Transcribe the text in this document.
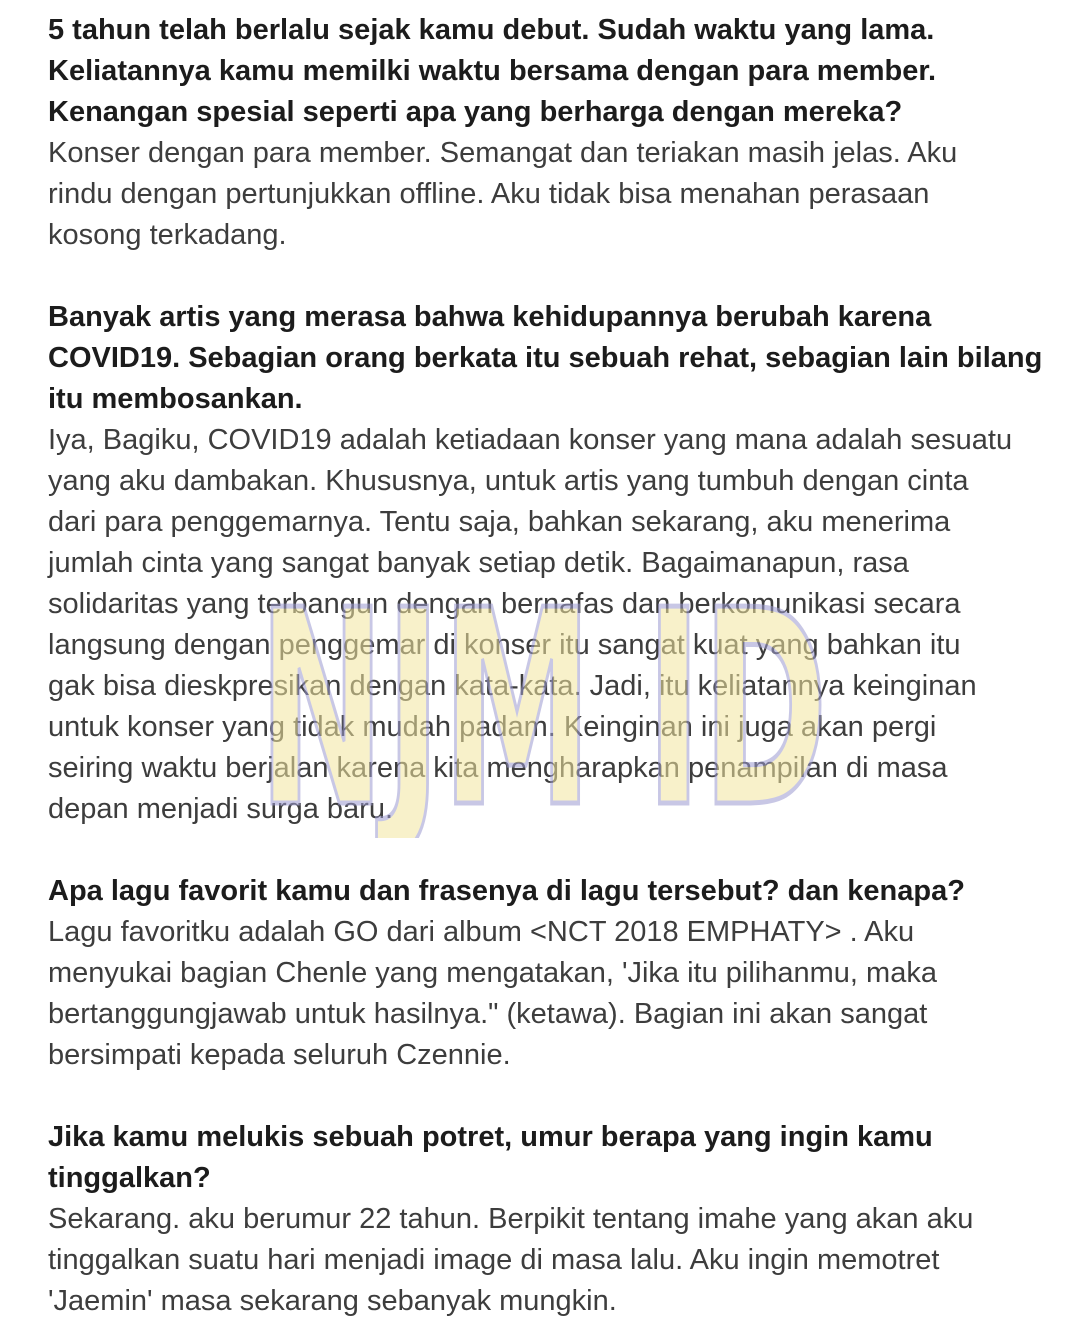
5 tahun telah berlalu sejak kamu debut. Sudah waktu yang lama.
Keliatannya kamu memilki waktu bersama dengan para member.
Kenangan spesial seperti apa yang berharga dengan mereka?
Konser dengan para member. Semangat dan teriakan masih jelas. Aku
rindu dengan pertunjukkan offline. Aku tidak bisa menahan perasaan
kosong terkadang.
Banyak artis yang merasa bahwa kehidupannya berubah karena
COVID19. Sebagian orang berkata itu sebuah rehat, sebagian lain bilang
itu membosankan.
Iya, Bagiku, COVID19 adalah ketiadaan konser yang mana adalah sesuatu
yang aku dambakan. Khususnya, untuk artis yang tumbuh dengan cinta
dari para penggemarnya. Tentu saja, bahkan sekarang, aku menerima
jumlah cinta yang sangat banyak setiap detik. Bagaimanapun, rasa
solidaritas yang terbangun dengan bernafas dan berkomunikasi secara
langsung dengan penggemar di konser itu sangat kuat yang bahkan itu
gak bisa dieskpresikan dengan kata-kata. Jadi, itu keliatannya keinginan
untuk konser yang tidak mudah padam. Keinginan ini juga akan pergi
seiring waktu berjalan karena kita mengharapkan penampilan di masa
depan menjadi surga baru.
Apa lagu favorit kamu dan frasenya di lagu tersebut? dan kenapa?
Lagu favoritku adalah GO dari album <NCT 2018 EMPHATY> . Aku
menyukai bagian Chenle yang mengatakan, 'Jika itu pilihanmu, maka
bertanggungjawab untuk hasilnya." (ketawa). Bagian ini akan sangat
bersimpati kepada seluruh Czennie.
Jika kamu melukis sebuah potret, umur berapa yang ingin kamu
tinggalkan?
Sekarang. aku berumur 22 tahun. Berpikit tentang imahe yang akan aku
tinggalkan suatu hari menjadi image di masa lalu. Aku ingin memotret
'Jaemin' masa sekarang sebanyak mungkin.
NJM ID
